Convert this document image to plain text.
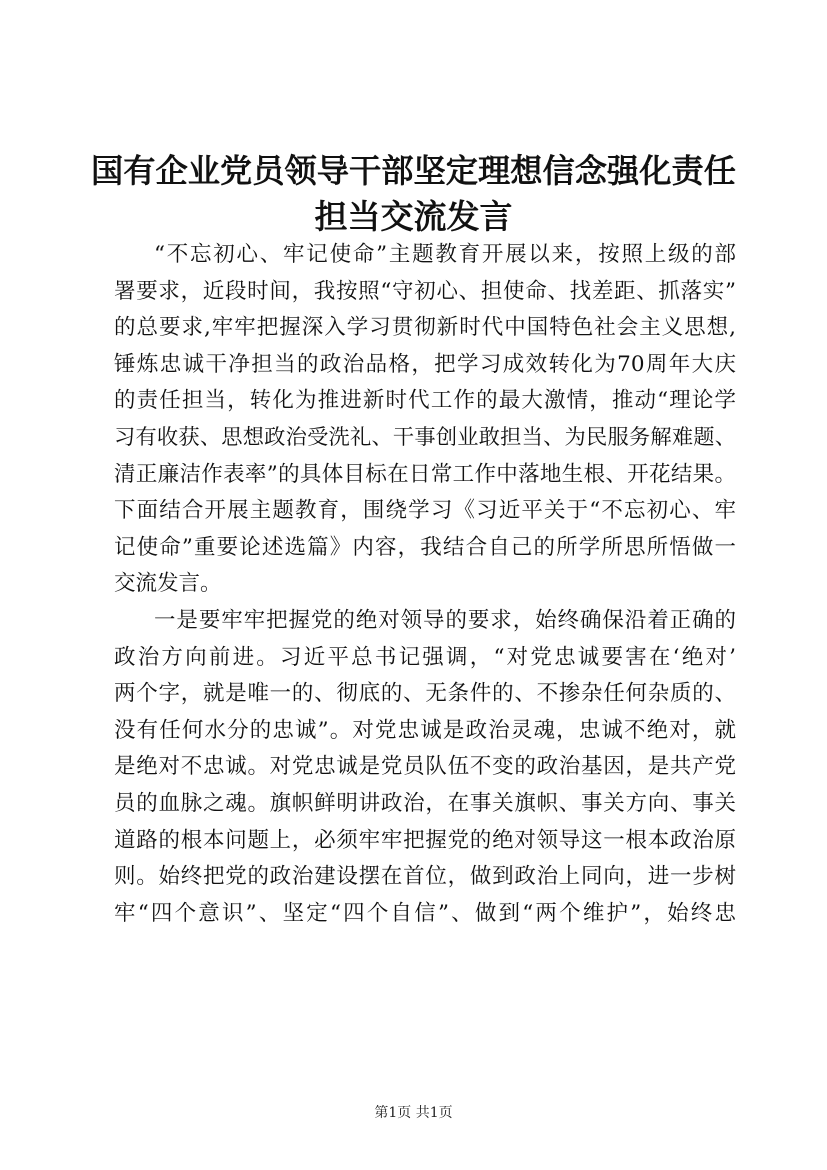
国有企业党员领导干部坚定理想信念强化责任
担当交流发言
“不忘初心、牢记使命”主题教育开展以来，按照上级的部
署要求，近段时间，我按照“守初心、担使命、找差距、抓落实”
的总要求,牢牢把握深入学习贯彻新时代中国特色社会主义思想,
锤炼忠诚干净担当的政治品格，把学习成效转化为70周年大庆
的责任担当，转化为推进新时代工作的最大激情，推动“理论学
习有收获、思想政治受洗礼、干事创业敢担当、为民服务解难题、
清正廉洁作表率”的具体目标在日常工作中落地生根、开花结果。
下面结合开展主题教育，围绕学习《习近平关于“不忘初心、牢
记使命”重要论述选篇》内容，我结合自己的所学所思所悟做一
交流发言。
一是要牢牢把握党的绝对领导的要求，始终确保沿着正确的
政治方向前进。习近平总书记强调，“对党忠诚要害在‘绝对’
两个字，就是唯一的、彻底的、无条件的、不掺杂任何杂质的、
没有任何水分的忠诚”。对党忠诚是政治灵魂，忠诚不绝对，就
是绝对不忠诚。对党忠诚是党员队伍不变的政治基因，是共产党
员的血脉之魂。旗帜鲜明讲政治，在事关旗帜、事关方向、事关
道路的根本问题上，必须牢牢把握党的绝对领导这一根本政治原
则。始终把党的政治建设摆在首位，做到政治上同向，进一步树
牢“四个意识”、坚定“四个自信”、做到“两个维护”，始终忠
第1页 共1页
